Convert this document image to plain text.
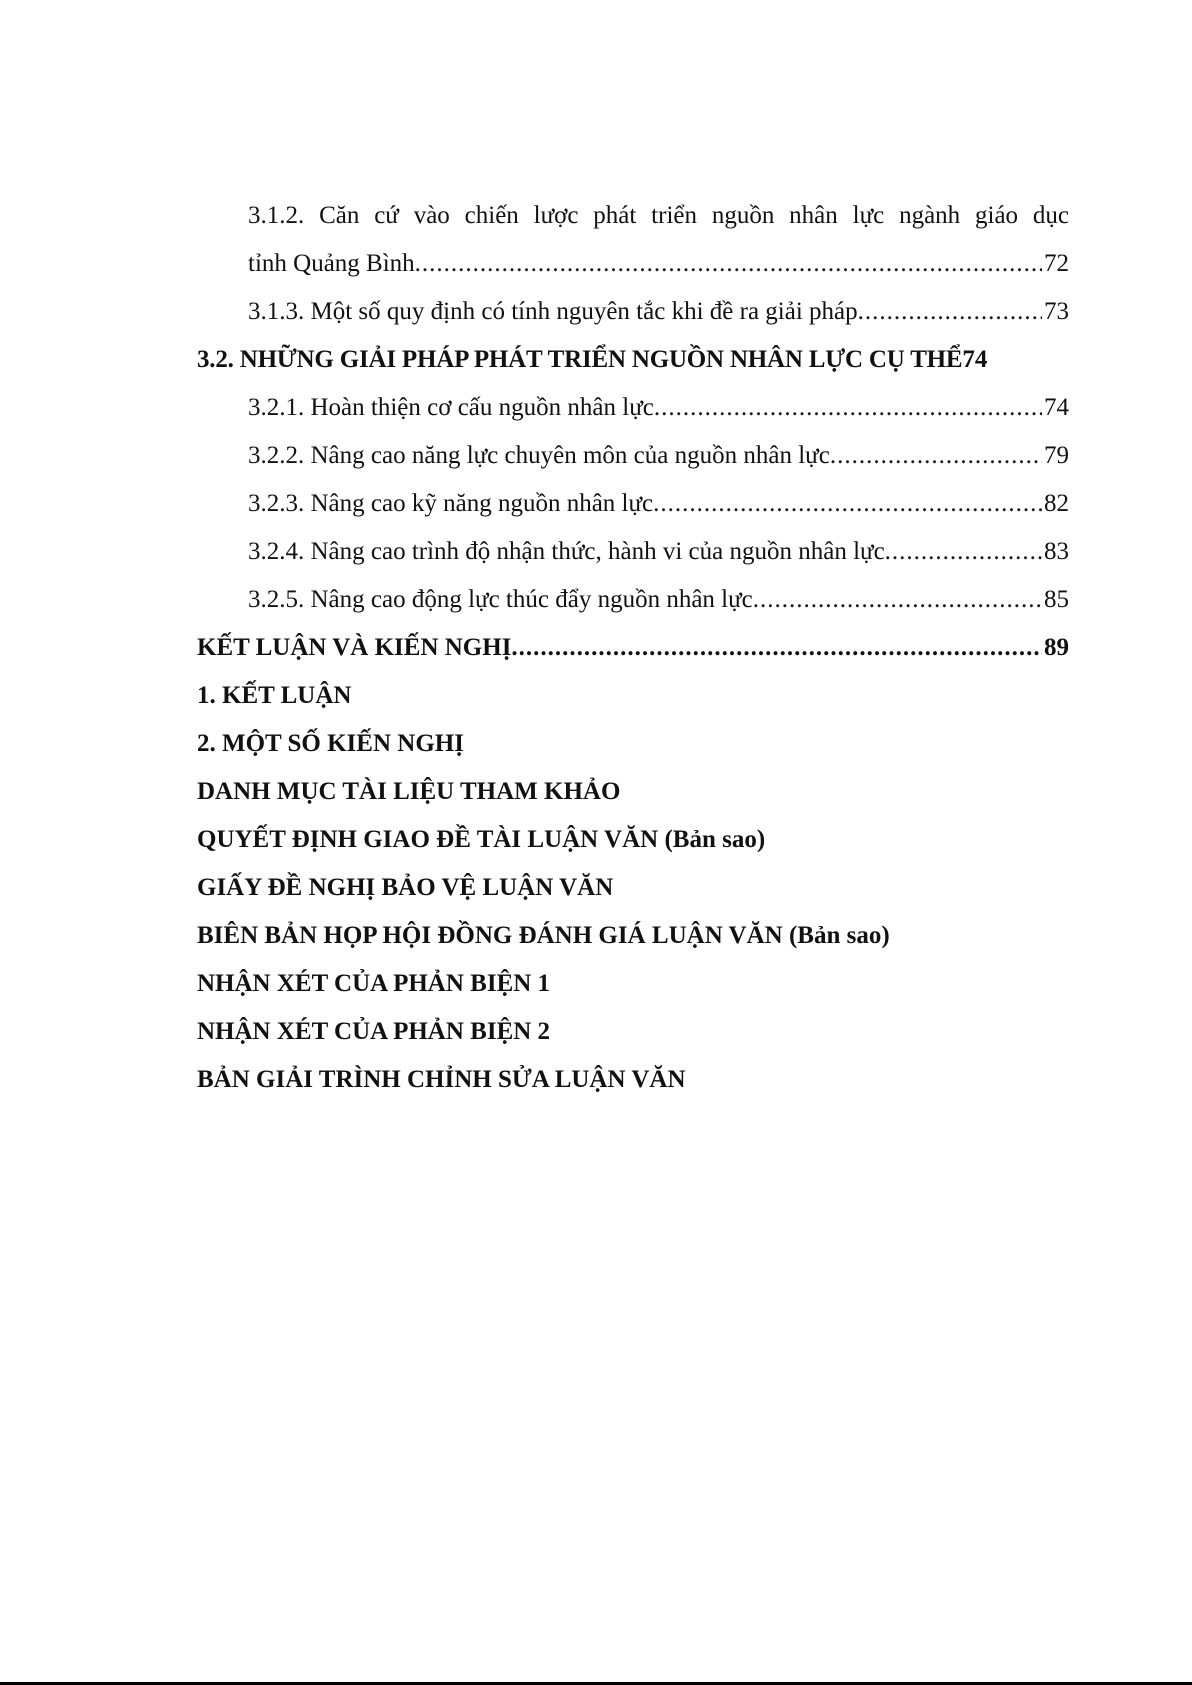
3.1.2. Căn cứ vào chiến lược phát triển nguồn nhân lực ngành giáo dục
tỉnh Quảng Bình .....	72
3.1.3. Một số quy định có tính nguyên tắc khi đề ra giải pháp .....	73
3.2. NHỮNG GIẢI PHÁP PHÁT TRIỂN NGUỒN NHÂN LỰC CỤ THỂ 74
3.2.1. Hoàn thiện cơ cấu nguồn nhân lực .....	74
3.2.2. Nâng cao năng lực chuyên môn của nguồn nhân lực .....	79
3.2.3. Nâng cao kỹ năng nguồn nhân lực .....	82
3.2.4. Nâng cao trình độ nhận thức, hành vi của nguồn nhân lực .....	83
3.2.5. Nâng cao động lực thúc đẩy nguồn nhân lực .....	85
KẾT LUẬN VÀ KIẾN NGHỊ .....	89
1. KẾT LUẬN
2. MỘT SỐ KIẾN NGHỊ
DANH MỤC TÀI LIỆU THAM KHẢO
QUYẾT ĐỊNH GIAO ĐỀ TÀI LUẬN VĂN (Bản sao)
GIẤY ĐỀ NGHỊ BẢO VỆ LUẬN VĂN
BIÊN BẢN HỌP HỘI ĐỒNG ĐÁNH GIÁ LUẬN VĂN (Bản sao)
NHẬN XÉT CỦA PHẢN BIỆN 1
NHẬN XÉT CỦA PHẢN BIỆN 2
BẢN GIẢI TRÌNH CHỈNH SỬA LUẬN VĂN
